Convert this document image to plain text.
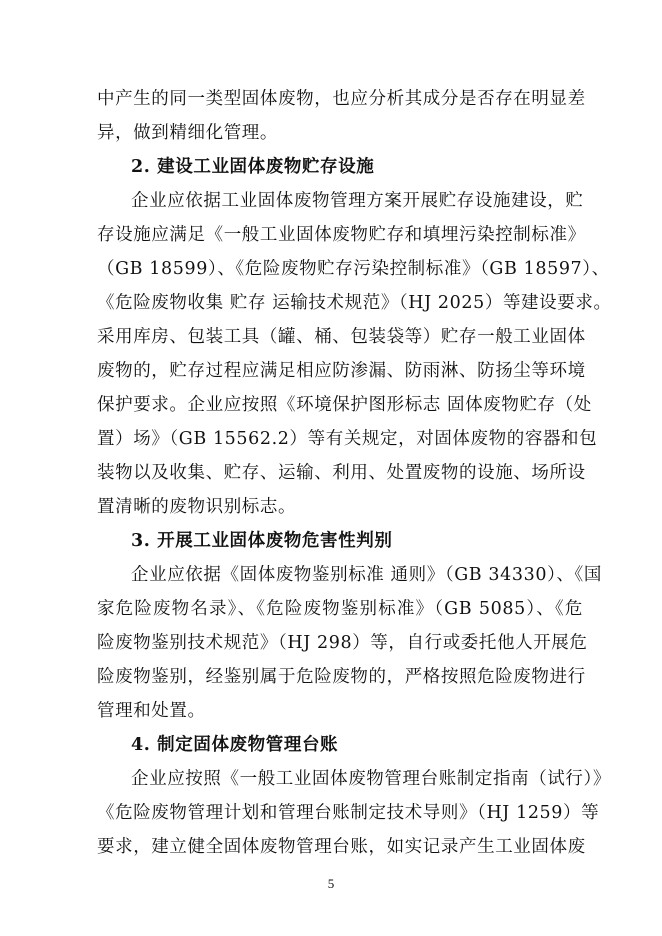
中产生的同一类型固体废物，也应分析其成分是否存在明显差
异，做到精细化管理。
2. 建设工业固体废物贮存设施
企业应依据工业固体废物管理方案开展贮存设施建设，贮
存设施应满足《一般工业固体废物贮存和填埋污染控制标准》
（GB 18599）、《危险废物贮存污染控制标准》（GB 18597）、
《危险废物收集 贮存 运输技术规范》（HJ 2025）等建设要求。
采用库房、包装工具（罐、桶、包装袋等）贮存一般工业固体
废物的，贮存过程应满足相应防渗漏、防雨淋、防扬尘等环境
保护要求。企业应按照《环境保护图形标志 固体废物贮存（处
置）场》（GB 15562.2）等有关规定，对固体废物的容器和包
装物以及收集、贮存、运输、利用、处置废物的设施、场所设
置清晰的废物识别标志。
3. 开展工业固体废物危害性判别
企业应依据《固体废物鉴别标准 通则》（GB 34330）、《国
家危险废物名录》、《危险废物鉴别标准》（GB 5085）、《危
险废物鉴别技术规范》（HJ 298）等，自行或委托他人开展危
险废物鉴别，经鉴别属于危险废物的，严格按照危险废物进行
管理和处置。
4. 制定固体废物管理台账
企业应按照《一般工业固体废物管理台账制定指南（试行）》
《危险废物管理计划和管理台账制定技术导则》（HJ 1259）等
要求，建立健全固体废物管理台账，如实记录产生工业固体废
5
